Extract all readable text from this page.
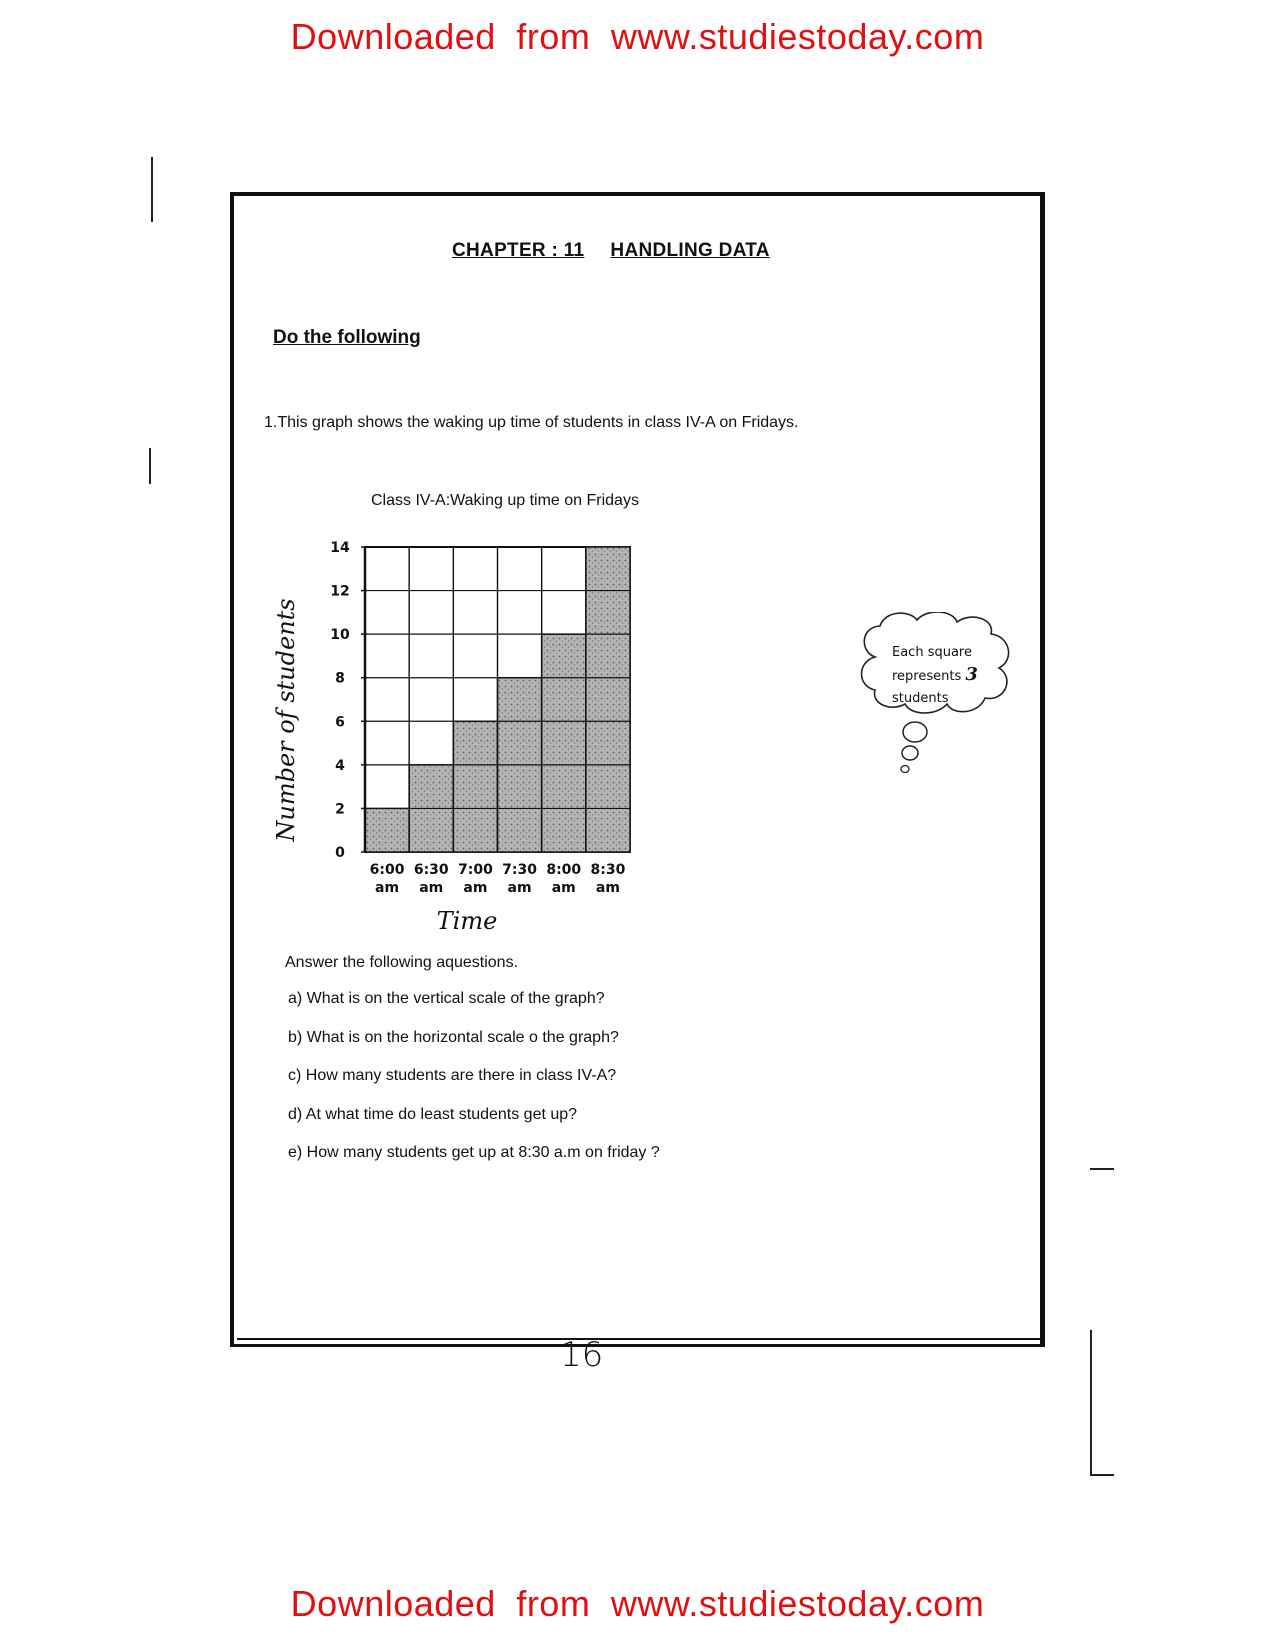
Downloaded from www.studiestoday.com
CHAPTER : 11 HANDLING DATA
Do the following
1.This graph shows the waking up time of students in class IV-A on Fridays.
Class IV-A:Waking up time on Fridays
0
2
4
6
8
10
12
14
6:00
am
6:30
am
7:00
am
7:30
am
8:00
am
8:30
am
Number of students
Time
Each square
represents 3
students
Answer the following aquestions.
a) What is on the vertical scale of the graph?
b) What is on the horizontal scale o the graph?
c) How many students are there in class IV-A?
d) At what time do least students get up?
e) How many students get up at 8:30 a.m on friday ?
16
Downloaded from www.studiestoday.com
